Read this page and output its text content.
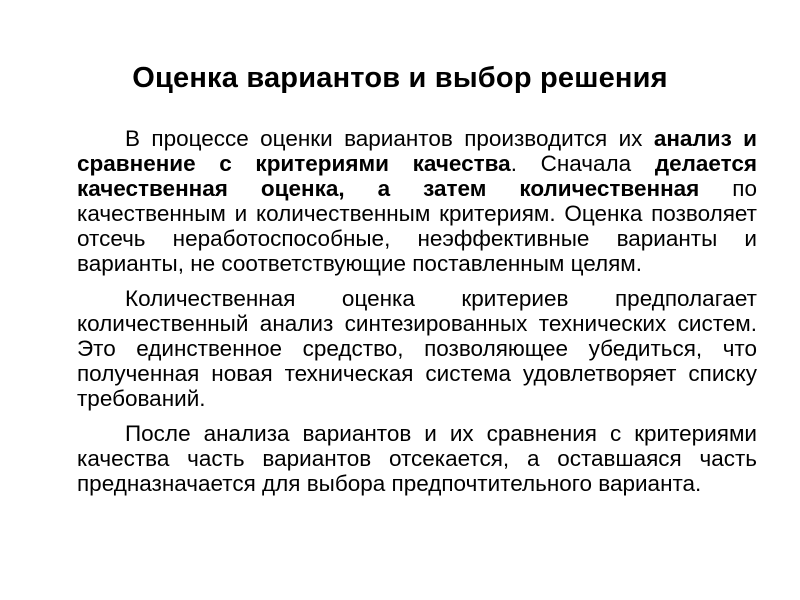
Оценка вариантов и выбор решения

В процессе оценки вариантов производится их анализ и сравнение с критериями качества. Сначала делается качественная оценка, а затем количественная по качественным и количественным критериям. Оценка позволяет отсечь неработоспособные, неэффективные варианты и варианты, не соответствующие поставленным целям.

Количественная оценка критериев предполагает количественный анализ синтезированных технических систем. Это единственное средство, позволяющее убедиться, что полученная новая техническая система удовлетворяет списку требований.

После анализа вариантов и их сравнения с критериями качества часть вариантов отсекается, а оставшаяся часть предназначается для выбора предпочтительного варианта.
